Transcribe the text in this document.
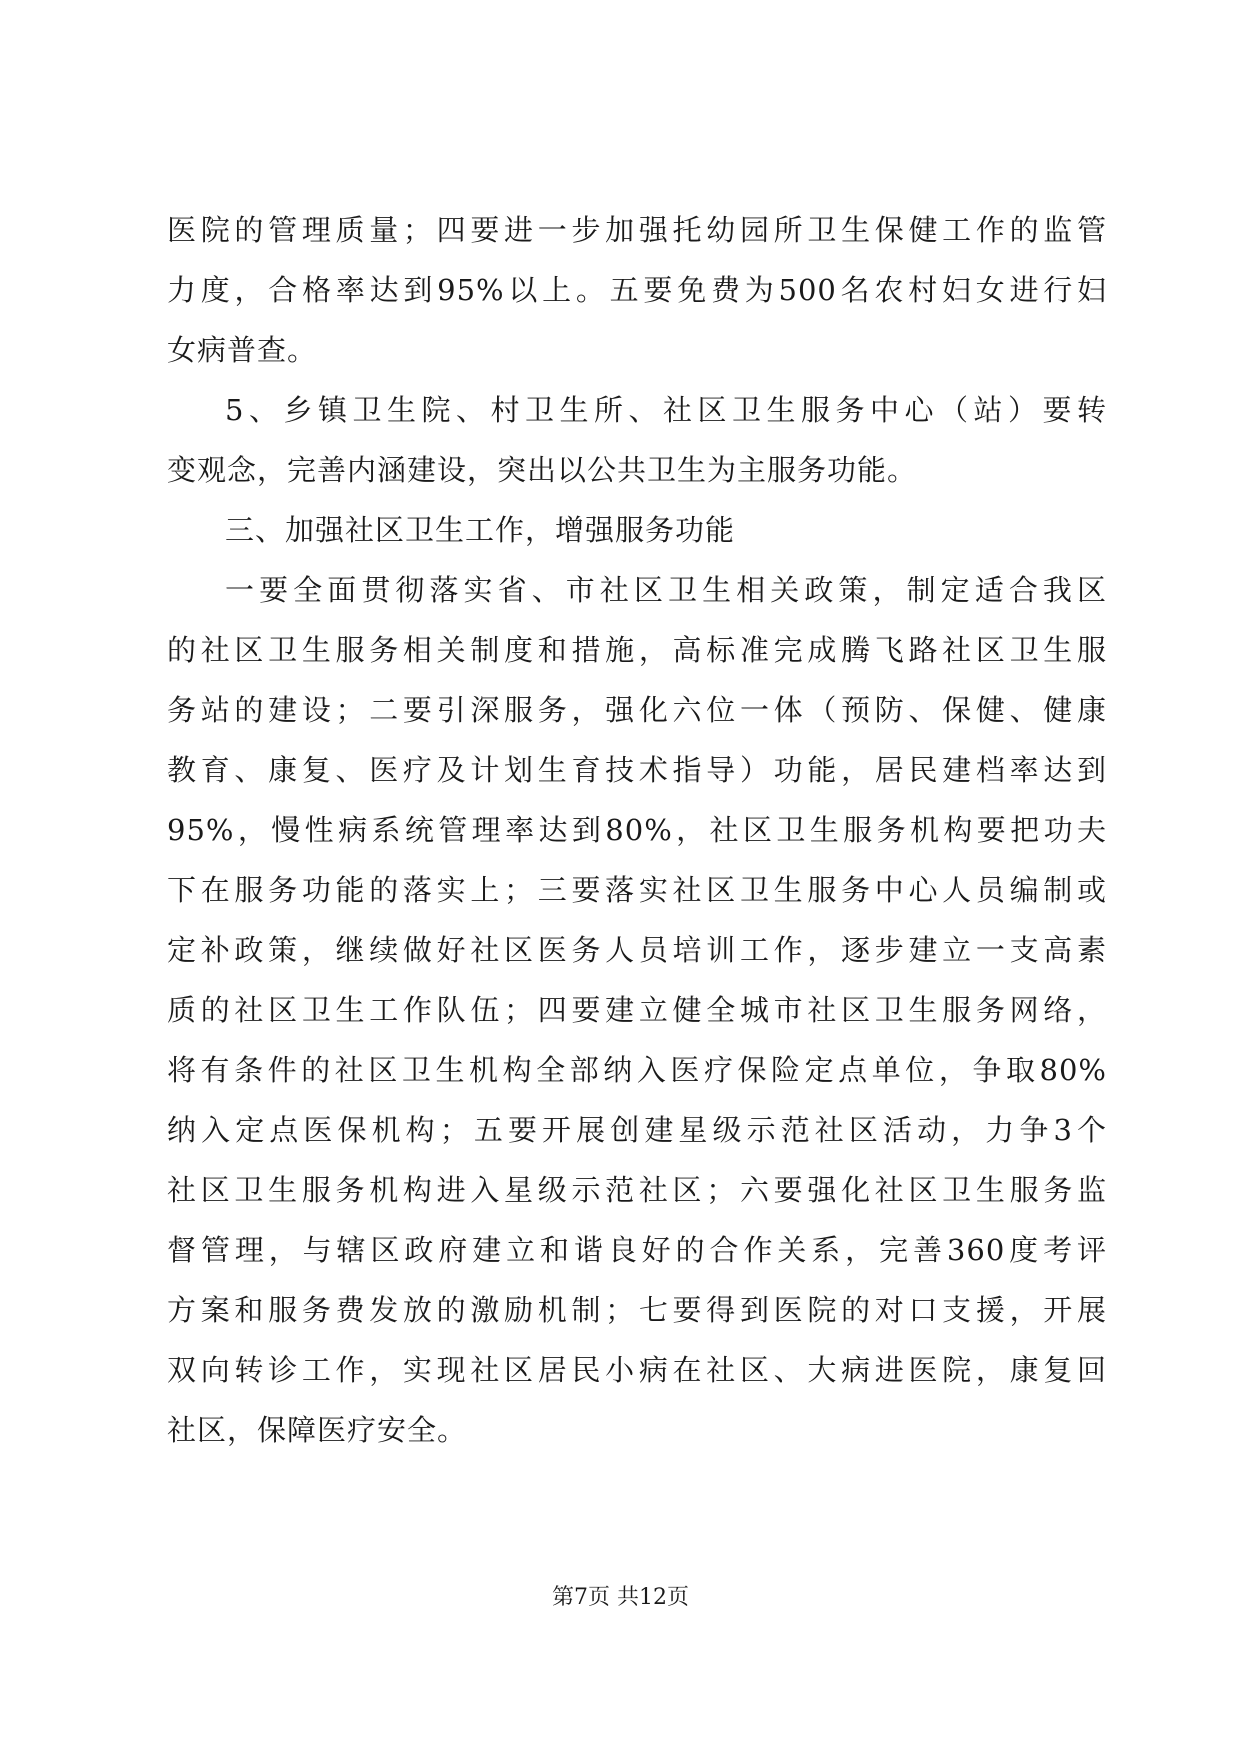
医院的管理质量；四要进一步加强托幼园所卫生保健工作的监管
力度，合格率达到95%以上。五要免费为500名农村妇女进行妇
女病普查。
5、乡镇卫生院、村卫生所、社区卫生服务中心（站）要转
变观念，完善内涵建设，突出以公共卫生为主服务功能。
三、加强社区卫生工作，增强服务功能
一要全面贯彻落实省、市社区卫生相关政策，制定适合我区
的社区卫生服务相关制度和措施，高标准完成腾飞路社区卫生服
务站的建设；二要引深服务，强化六位一体（预防、保健、健康
教育、康复、医疗及计划生育技术指导）功能，居民建档率达到
95%，慢性病系统管理率达到80%，社区卫生服务机构要把功夫
下在服务功能的落实上；三要落实社区卫生服务中心人员编制或
定补政策，继续做好社区医务人员培训工作，逐步建立一支高素
质的社区卫生工作队伍；四要建立健全城市社区卫生服务网络，
将有条件的社区卫生机构全部纳入医疗保险定点单位，争取80%
纳入定点医保机构；五要开展创建星级示范社区活动，力争3个
社区卫生服务机构进入星级示范社区；六要强化社区卫生服务监
督管理，与辖区政府建立和谐良好的合作关系，完善360度考评
方案和服务费发放的激励机制；七要得到医院的对口支援，开展
双向转诊工作，实现社区居民小病在社区、大病进医院，康复回
社区，保障医疗安全。
第7页 共12页
